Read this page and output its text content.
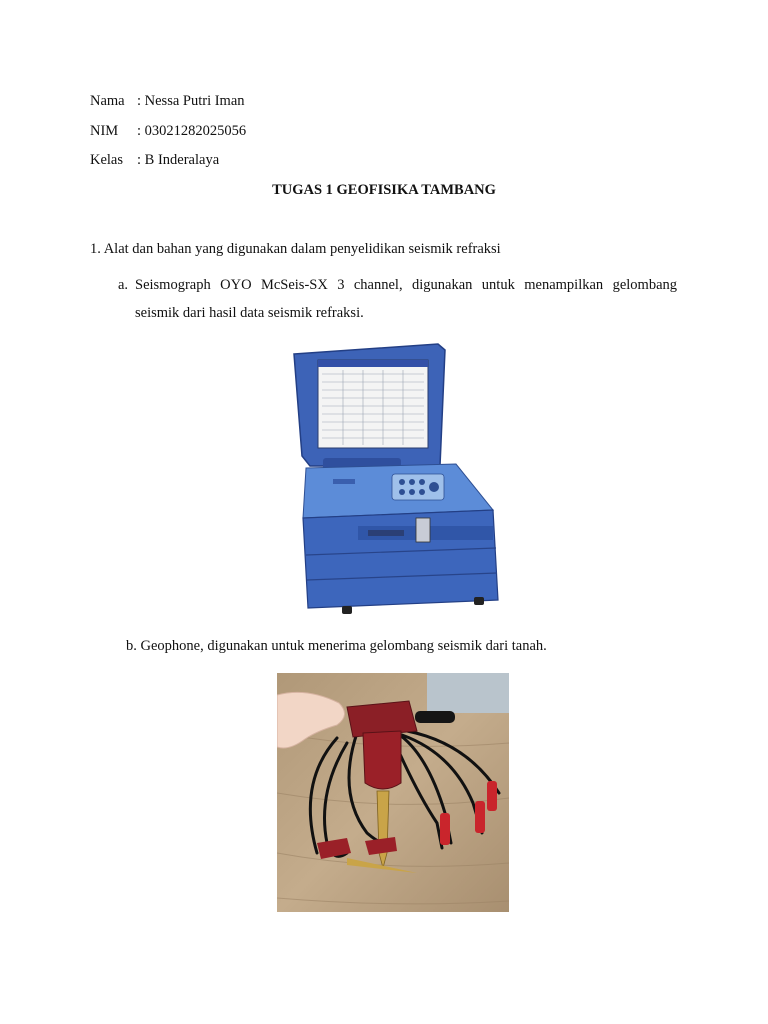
Nama : Nessa Putri Iman
NIM : 03021282025056
Kelas : B Inderalaya
TUGAS 1 GEOFISIKA TAMBANG
1. Alat dan bahan yang digunakan dalam penyelidikan seismik refraksi
a. Seismograph OYO McSeis-SX 3 channel, digunakan untuk menampilkan gelombang seismik dari hasil data seismik refraksi.
b. Geophone, digunakan untuk menerima gelombang seismik dari tanah.
